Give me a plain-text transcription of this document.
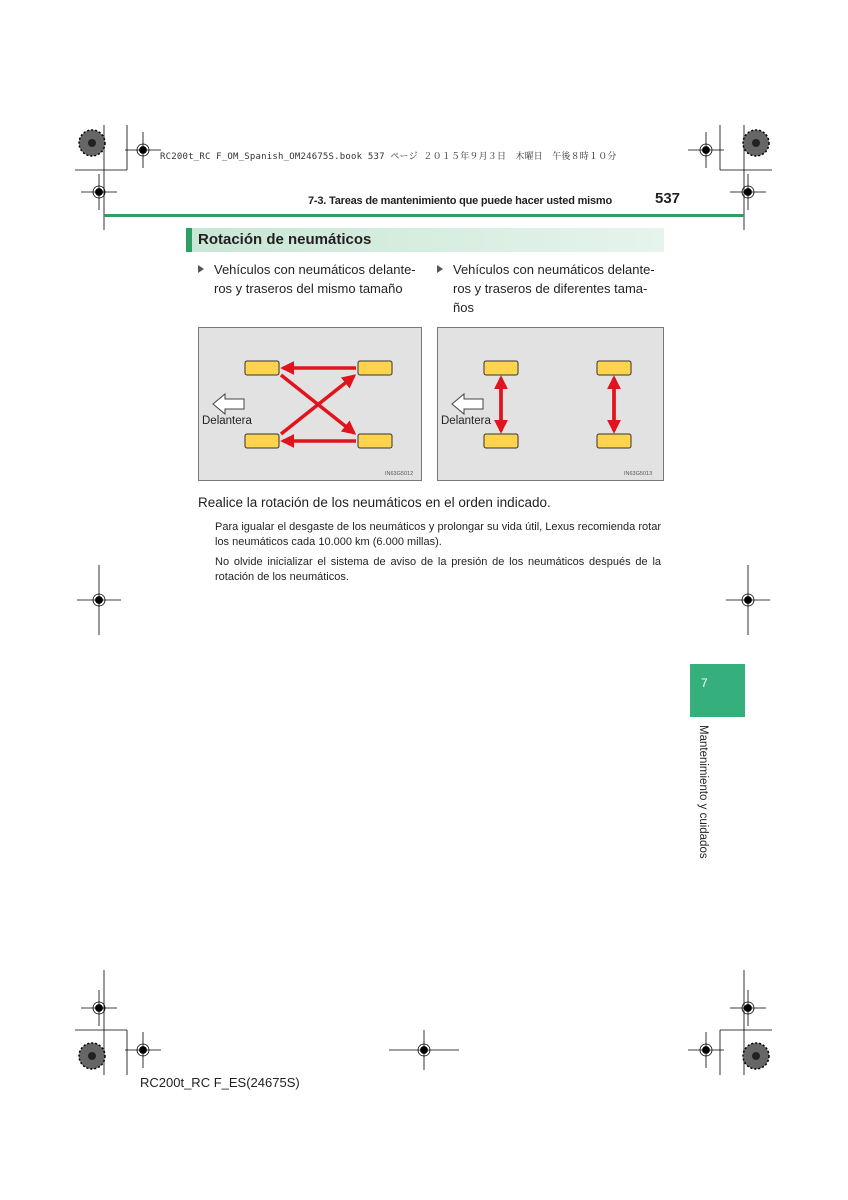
RC200t_RC F_OM_Spanish_OM24675S.book 537 ページ ２０１５年９月３日　木曜日　午後８時１０分
7-3. Tareas de mantenimiento que puede hacer usted mismo	537
Rotación de neumáticos
Vehículos con neumáticos delante-
ros y traseros del mismo tamaño
Vehículos con neumáticos delante-
ros y traseros de diferentes tama-
ños
Delantera
IN63G5012
Delantera
IN63G5013
Realice la rotación de los neumáticos en el orden indicado.
Para igualar el desgaste de los neumáticos y prolongar su vida útil, Lexus recomienda rotar los neumáticos cada 10.000 km (6.000 millas).
No olvide inicializar el sistema de aviso de la presión de los neumáticos después de la rotación de los neumáticos.
7
Mantenimiento y cuidados
RC200t_RC F_ES(24675S)
